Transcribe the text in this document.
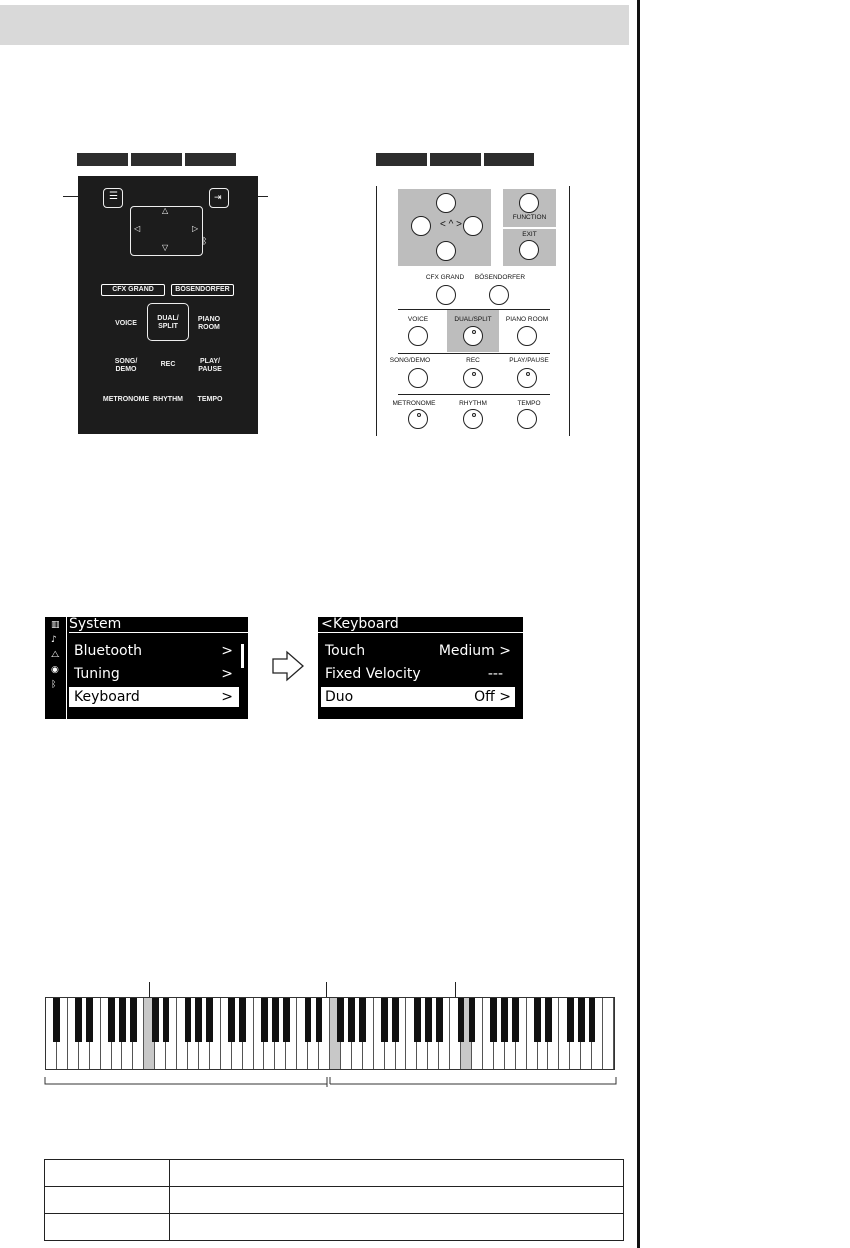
☰	⇥
△
▽
◁	▷
ᛒ
CFX GRAND	BÖSENDORFER
VOICE
DUAL/ SPLIT
PIANO ROOM
SONG/ DEMO
REC	PLAY/ PAUSE
METRONOME RHYTHM	TEMPO
< ^ >
FUNCTION
EXIT
CFX GRAND	BÖSENDORFER
VOICE	DUAL/SPLIT	PIANO ROOM
SONG/DEMO	REC	PLAY/PAUSE
METRONOME	RHYTHM	TEMPO
▥
♪
⧍
◉
ᛒ
System
Bluetooth	>
Tuning	>
Keyboard	>
< Keyboard
Touch	Medium >
Fixed Velocity	---
Duo	Off >
